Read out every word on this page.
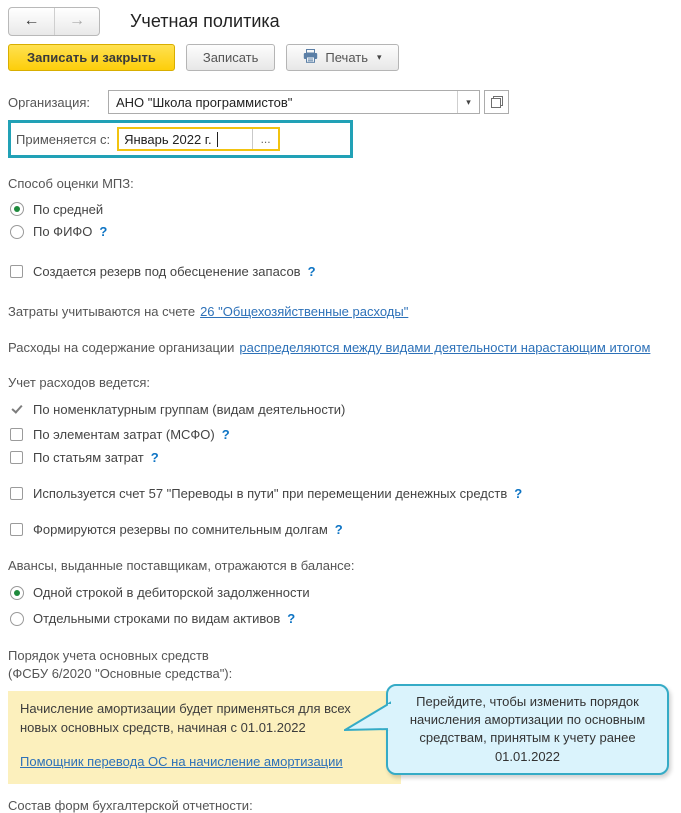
← →	Учетная политика
Записать и закрыть	Записать	Печать ▾
Организация:	АНО "Школа программистов"	▾
Применяется с:	Январь 2022 г.	...
Способ оценки МПЗ:
По средней
По ФИФО ?
Создается резерв под обесценение запасов ?
Затраты учитываются на счете 26 "Общехозяйственные расходы"
Расходы на содержание организации распределяются между видами деятельности нарастающим итогом
Учет расходов ведется:
По номенклатурным группам (видам деятельности)
По элементам затрат (МСФО) ?
По статьям затрат ?
Используется счет 57 "Переводы в пути" при перемещении денежных средств ?
Формируются резервы по сомнительным долгам ?
Авансы, выданные поставщикам, отражаются в балансе:
Одной строкой в дебиторской задолженности
Отдельными строками по видам активов ?
Порядок учета основных средств
(ФСБУ 6/2020 "Основные средства"):
Начисление амортизации будет применяться для всех новых основных средств, начиная с 01.01.2022
Помощник перевода ОС на начисление амортизации
Состав форм бухгалтерской отчетности:
Перейдите, чтобы изменить порядок начисления амортизации по основным средствам, принятым к учету ранее 01.01.2022
